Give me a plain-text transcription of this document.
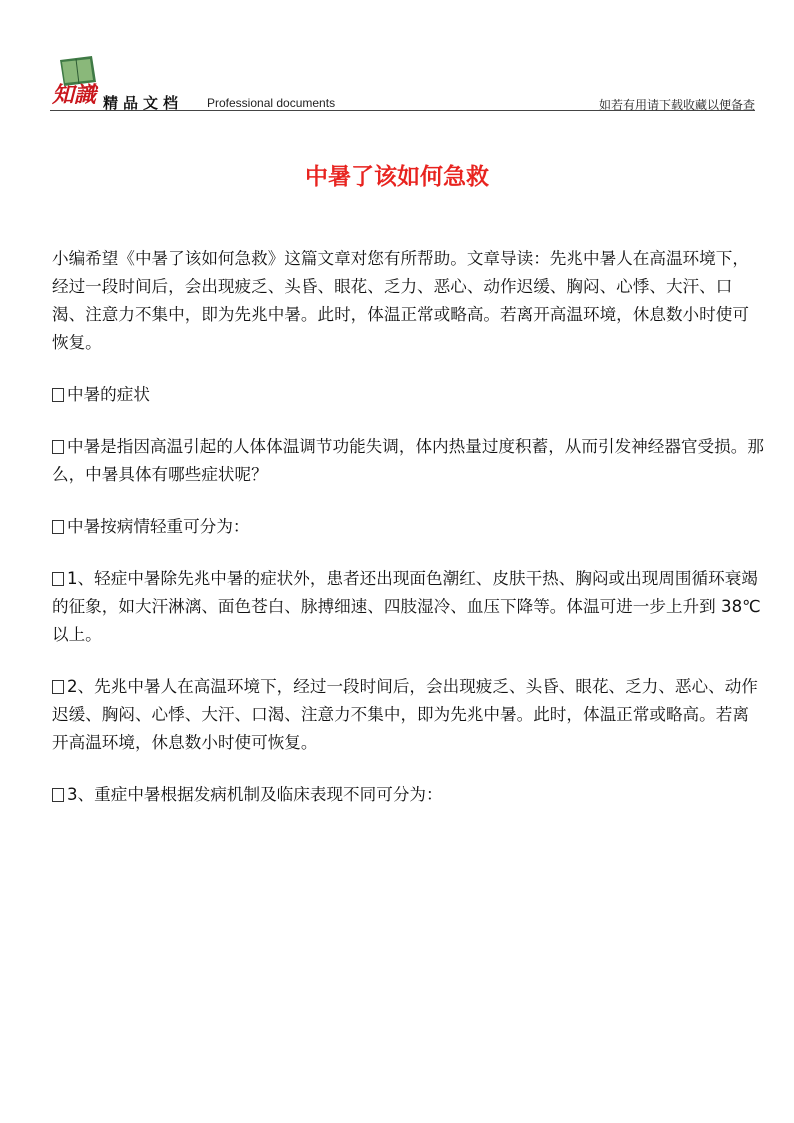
知識 精品文档 Professional documents	如若有用请下载收藏以便备查
中暑了该如何急救

小编希望《中暑了该如何急救》这篇文章对您有所帮助。文章导读：先兆中暑人在高温环境下，经过一段时间后，会出现疲乏、头昏、眼花、乏力、恶心、动作迟缓、胸闷、心悸、大汗、口渴、注意力不集中，即为先兆中暑。此时，体温正常或略高。若离开高温环境，休息数小时使可恢复。

中暑的症状

中暑是指因高温引起的人体体温调节功能失调，体内热量过度积蓄，从而引发神经器官受损。那么，中暑具体有哪些症状呢？

中暑按病情轻重可分为：

1、轻症中暑除先兆中暑的症状外，患者还出现面色潮红、皮肤干热、胸闷或出现周围循环衰竭的征象，如大汗淋漓、面色苍白、脉搏细速、四肢湿冷、血压下降等。体温可进一步上升到 38℃以上。

2、先兆中暑人在高温环境下，经过一段时间后，会出现疲乏、头昏、眼花、乏力、恶心、动作迟缓、胸闷、心悸、大汗、口渴、注意力不集中，即为先兆中暑。此时，体温正常或略高。若离开高温环境，休息数小时使可恢复。

3、重症中暑根据发病机制及临床表现不同可分为：
